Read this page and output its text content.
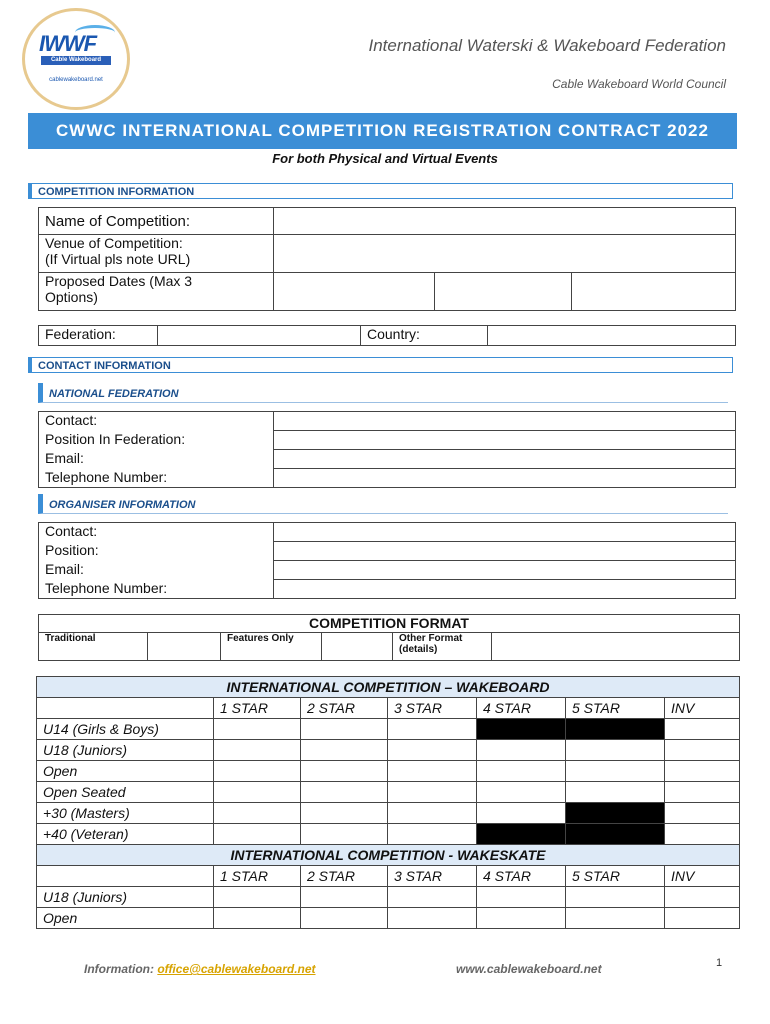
IWWF
Cable Wakeboard
cablewakeboard.net
International Waterski & Wakeboard Federation
Cable Wakeboard World Council
CWWC INTERNATIONAL COMPETITION REGISTRATION CONTRACT 2022
For both Physical and Virtual Events
COMPETITION INFORMATION
Name of Competition:			
Venue of Competition:
(If Virtual pls note URL)			
Proposed Dates (Max 3
Options)			
Federation:		Country:	
CONTACT INFORMATION
NATIONAL FEDERATION
Contact:	
Position In Federation:	
Email:	
Telephone Number:	
ORGANISER INFORMATION
Contact:	
Position:	
Email:	
Telephone Number:	
COMPETITION FORMAT
Traditional		Features Only		Other Format
(details)	
INTERNATIONAL COMPETITION – WAKEBOARD						
	1 STAR	2 STAR	3 STAR	4 STAR	5 STAR	INV
U14 (Girls & Boys)						
U18 (Juniors)						
Open						
Open Seated						
+30 (Masters)						
+40 (Veteran)						
INTERNATIONAL COMPETITION - WAKESKATE						
	1 STAR	2 STAR	3 STAR	4 STAR	5 STAR	INV
U18 (Juniors)						
Open						
Information: office@cablewakeboard.net	www.cablewakeboard.net	1
